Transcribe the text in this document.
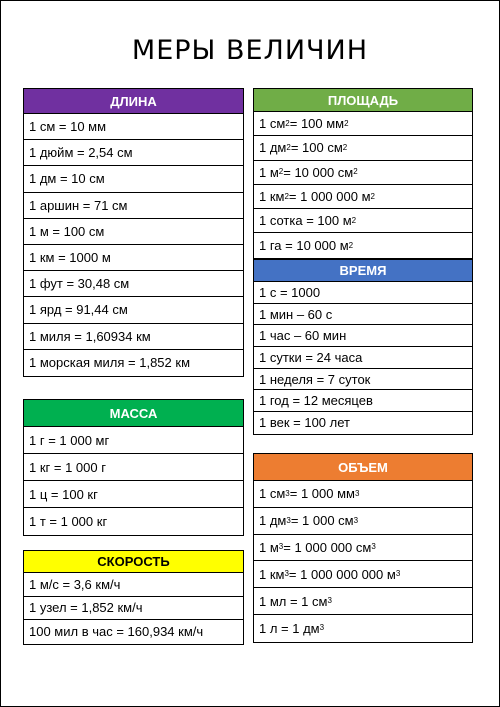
МЕРЫ ВЕЛИЧИН
ДЛИНА
1 см = 10 мм
1 дюйм = 2,54 см
1 дм = 10 см
1 аршин = 71 см
1 м = 100 см
1 км = 1000 м
1 фут = 30,48 см
1 ярд = 91,44 см
1 миля = 1,60934 км
1 морская миля = 1,852 км
МАССА
1 г = 1 000 мг
1 кг = 1 000 г
1 ц = 100 кг
1 т = 1 000 кг
СКОРОСТЬ
1 м/с = 3,6 км/ч
1 узел = 1,852 км/ч
100 мил в час = 160,934 км/ч
ПЛОЩАДЬ
1 см 2 = 100 мм 2
1 дм 2 = 100 см 2
1 м 2 = 10 000 см 2
1 км 2 = 1 000 000 м 2
1 сотка = 100 м 2
1 га = 10 000 м 2
ВРЕМЯ
1 с = 1000
1 мин – 60 с
1 час – 60 мин
1 сутки = 24 часа
1 неделя = 7 суток
1 год = 12 месяцев
1 век = 100 лет
ОБЪЕМ
1 см 3 = 1 000 мм 3
1 дм 3 = 1 000 см 3
1 м 3 = 1 000 000 см 3
1 км 3 = 1 000 000 000 м 3
1 мл = 1 см 3
1 л = 1 дм 3
